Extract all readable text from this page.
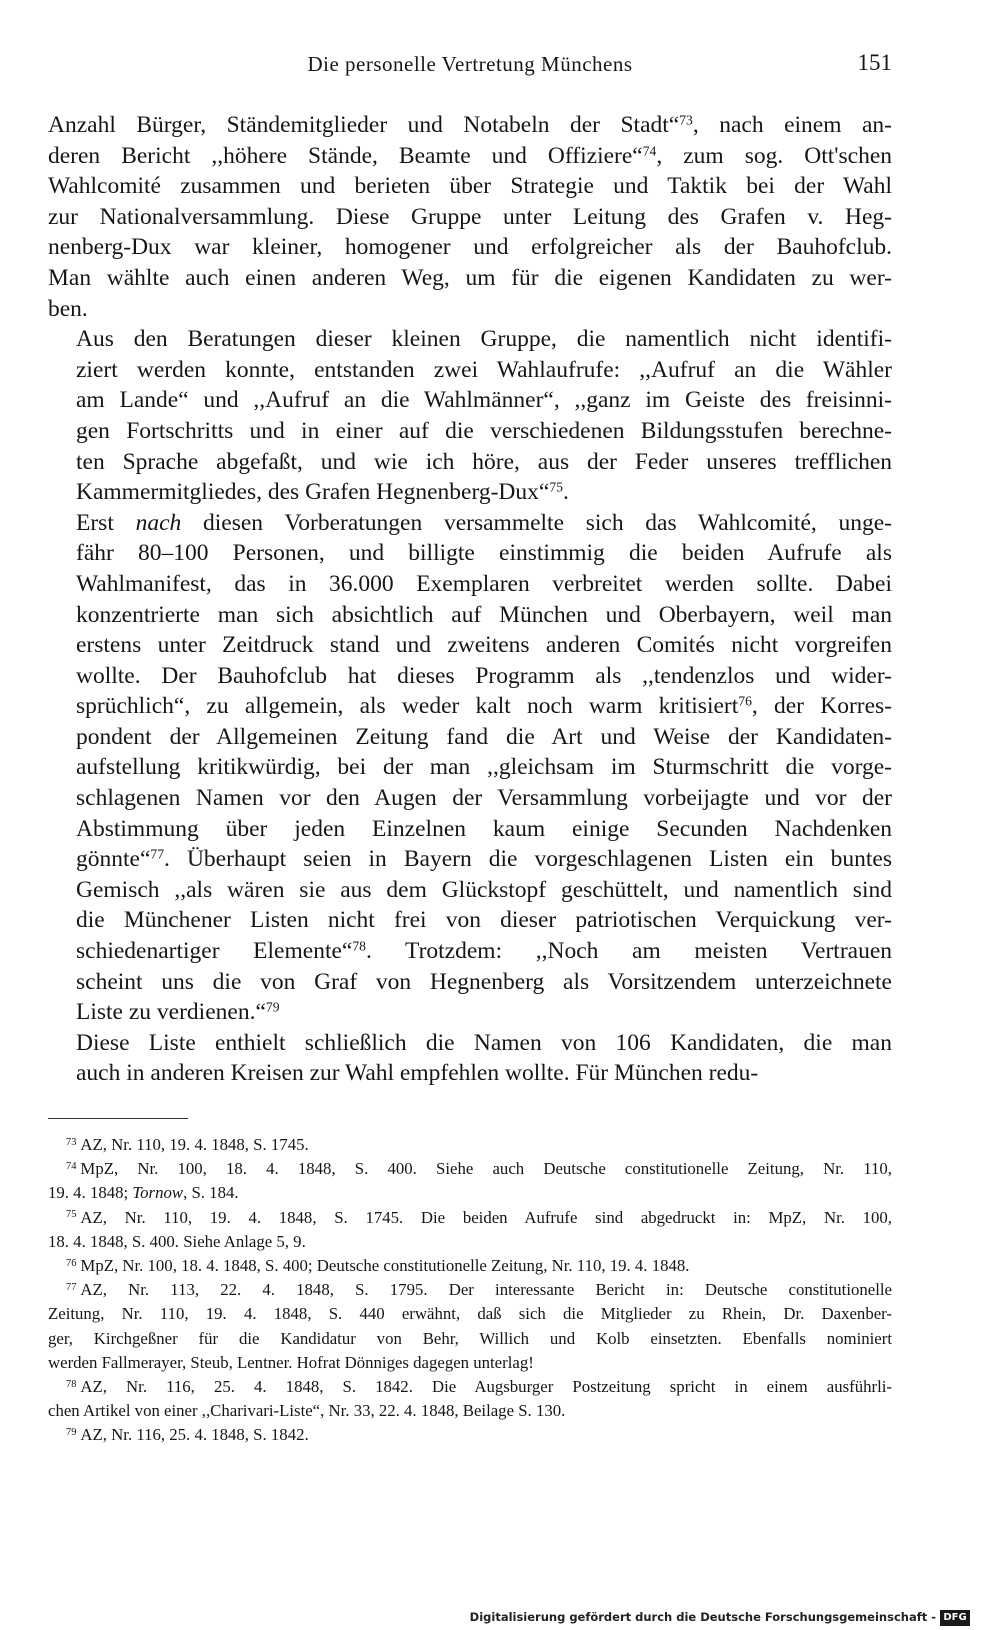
Die personelle Vertretung Münchens	151

Anzahl Bürger, Ständemitglieder und Notabeln der Stadt“$^{73}$, nach einem an-
deren Bericht ,,höhere Stände, Beamte und Offiziere“$^{74}$, zum sog. Ott'schen
Wahlcomité zusammen und berieten über Strategie und Taktik bei der Wahl
zur Nationalversammlung. Diese Gruppe unter Leitung des Grafen v. Heg-
nenberg-Dux war kleiner, homogener und erfolgreicher als der Bauhofclub.
Man wählte auch einen anderen Weg, um für die eigenen Kandidaten zu wer-
ben.

Aus den Beratungen dieser kleinen Gruppe, die namentlich nicht identifi-
ziert werden konnte, entstanden zwei Wahlaufrufe: ,,Aufruf an die Wähler
am Lande“ und ,,Aufruf an die Wahlmänner“, ,,ganz im Geiste des freisinni-
gen Fortschritts und in einer auf die verschiedenen Bildungsstufen berechne-
ten Sprache abgefaßt, und wie ich höre, aus der Feder unseres trefflichen
Kammermitgliedes, des Grafen Hegnenberg-Dux“$^{75}$.

Erst nach diesen Vorberatungen versammelte sich das Wahlcomité, unge-
fähr 80–100 Personen, und billigte einstimmig die beiden Aufrufe als
Wahlmanifest, das in 36.000 Exemplaren verbreitet werden sollte. Dabei
konzentrierte man sich absichtlich auf München und Oberbayern, weil man
erstens unter Zeitdruck stand und zweitens anderen Comités nicht vorgreifen
wollte. Der Bauhofclub hat dieses Programm als ,,tendenzlos und wider-
sprüchlich“, zu allgemein, als weder kalt noch warm kritisiert$^{76}$, der Korres-
pondent der Allgemeinen Zeitung fand die Art und Weise der Kandidaten-
aufstellung kritikwürdig, bei der man ,,gleichsam im Sturmschritt die vorge-
schlagenen Namen vor den Augen der Versammlung vorbeijagte und vor der
Abstimmung über jeden Einzelnen kaum einige Secunden Nachdenken
gönnte“$^{77}$. Überhaupt seien in Bayern die vorgeschlagenen Listen ein buntes
Gemisch ,,als wären sie aus dem Glückstopf geschüttelt, und namentlich sind
die Münchener Listen nicht frei von dieser patriotischen Verquickung ver-
schiedenartiger Elemente“$^{78}$. Trotzdem: ,,Noch am meisten Vertrauen
scheint uns die von Graf von Hegnenberg als Vorsitzendem unterzeichnete
Liste zu verdienen.“$^{79}$

Diese Liste enthielt schließlich die Namen von 106 Kandidaten, die man
auch in anderen Kreisen zur Wahl empfehlen wollte. Für München redu-

$^{73}$ AZ, Nr. 110, 19. 4. 1848, S. 1745.
$^{74}$ MpZ, Nr. 100, 18. 4. 1848, S. 400. Siehe auch Deutsche constitutionelle Zeitung, Nr. 110,
19. 4. 1848; Tornow, S. 184.
$^{75}$ AZ, Nr. 110, 19. 4. 1848, S. 1745. Die beiden Aufrufe sind abgedruckt in: MpZ, Nr. 100,
18. 4. 1848, S. 400. Siehe Anlage 5, 9.
$^{76}$ MpZ, Nr. 100, 18. 4. 1848, S. 400; Deutsche constitutionelle Zeitung, Nr. 110, 19. 4. 1848.
$^{77}$ AZ, Nr. 113, 22. 4. 1848, S. 1795. Der interessante Bericht in: Deutsche constitutionelle
Zeitung, Nr. 110, 19. 4. 1848, S. 440 erwähnt, daß sich die Mitglieder zu Rhein, Dr. Daxenber-
ger, Kirchgeßner für die Kandidatur von Behr, Willich und Kolb einsetzten. Ebenfalls nominiert
werden Fallmerayer, Steub, Lentner. Hofrat Dönniges dagegen unterlag!
$^{78}$ AZ, Nr. 116, 25. 4. 1848, S. 1842. Die Augsburger Postzeitung spricht in einem ausführli-
chen Artikel von einer ,,Charivari-Liste“, Nr. 33, 22. 4. 1848, Beilage S. 130.
$^{79}$ AZ, Nr. 116, 25. 4. 1848, S. 1842.
Digitalisierung gefördert durch die Deutsche Forschungsgemeinschaft - DFG
